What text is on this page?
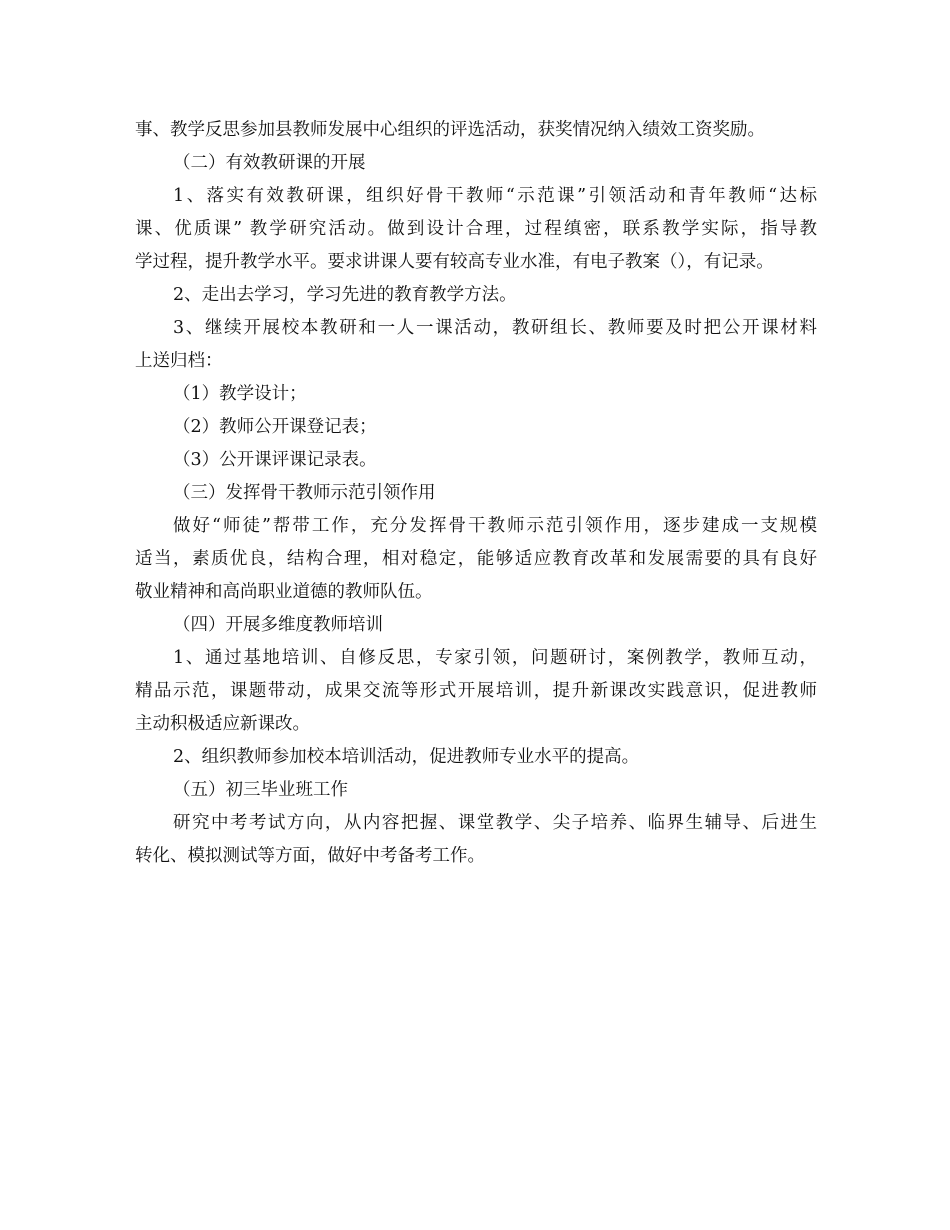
事、教学反思参加县教师发展中心组织的评选活动，获奖情况纳入绩效工资奖励。
（二）有效教研课的开展
1、落实有效教研课，组织好骨干教师“示范课”引领活动和青年教师“达标
课、优质课” 教学研究活动。做到设计合理，过程缜密，联系教学实际，指导教
学过程，提升教学水平。要求讲课人要有较高专业水准，有电子教案（），有记录。
2、走出去学习，学习先进的教育教学方法。
3、继续开展校本教研和一人一课活动，教研组长、教师要及时把公开课材料
上送归档：
（1）教学设计；
（2）教师公开课登记表；
（3）公开课评课记录表。
（三）发挥骨干教师示范引领作用
做好“师徒”帮带工作，充分发挥骨干教师示范引领作用，逐步建成一支规模
适当，素质优良，结构合理，相对稳定，能够适应教育改革和发展需要的具有良好
敬业精神和高尚职业道德的教师队伍。
（四）开展多维度教师培训
1、通过基地培训、自修反思，专家引领，问题研讨，案例教学，教师互动，
精品示范，课题带动，成果交流等形式开展培训，提升新课改实践意识，促进教师
主动积极适应新课改。
2、组织教师参加校本培训活动，促进教师专业水平的提高。
（五）初三毕业班工作
研究中考考试方向，从内容把握、课堂教学、尖子培养、临界生辅导、后进生
转化、模拟测试等方面，做好中考备考工作。
